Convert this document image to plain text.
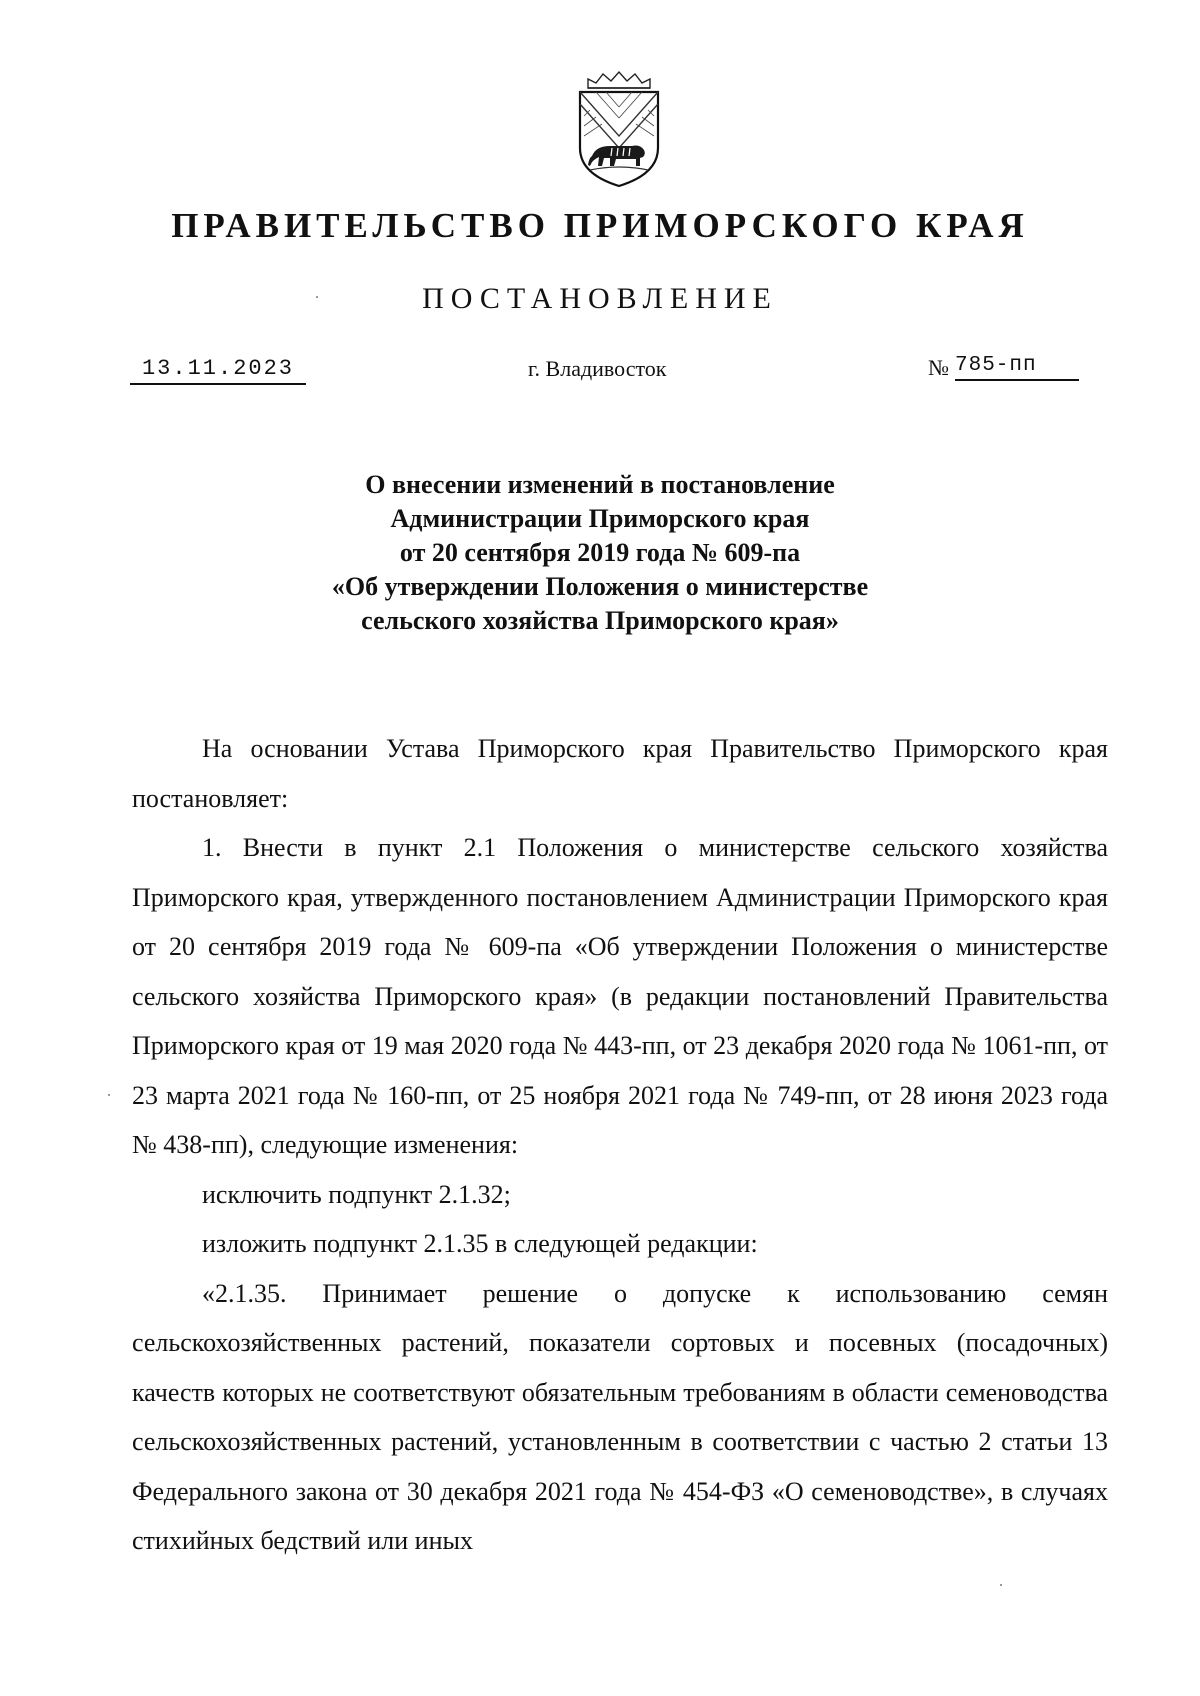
ПРАВИТЕЛЬСТВО ПРИМОРСКОГО КРАЯ
ПОСТАНОВЛЕНИЕ
13.11.2023	г. Владивосток	№ 785-пп
О внесении изменений в постановление
Администрации Приморского края
от 20 сентября 2019 года № 609-па
«Об утверждении Положения о министерстве
сельского хозяйства Приморского края»

На основании Устава Приморского края Правительство Приморского края постановляет:

1. Внести в пункт 2.1 Положения о министерстве сельского хозяйства Приморского края, утвержденного постановлением Администрации Приморского края от 20 сентября 2019 года № 609-па «Об утверждении Положения о министерстве сельского хозяйства Приморского края» (в редакции постановлений Правительства Приморского края от 19 мая 2020 года № 443-пп, от 23 декабря 2020 года № 1061-пп, от 23 марта 2021 года № 160-пп, от 25 ноября 2021 года № 749-пп, от 28 июня 2023 года № 438-пп), следующие изменения:

исключить подпункт 2.1.32;

изложить подпункт 2.1.35 в следующей редакции:

«2.1.35. Принимает решение о допуске к использованию семян сельскохозяйственных растений, показатели сортовых и посевных (посадочных) качеств которых не соответствуют обязательным требованиям в области семеноводства сельскохозяйственных растений, установленным в соответствии с частью 2 статьи 13 Федерального закона от 30 декабря 2021 года № 454-ФЗ «О семеноводстве», в случаях стихийных бедствий или иных
